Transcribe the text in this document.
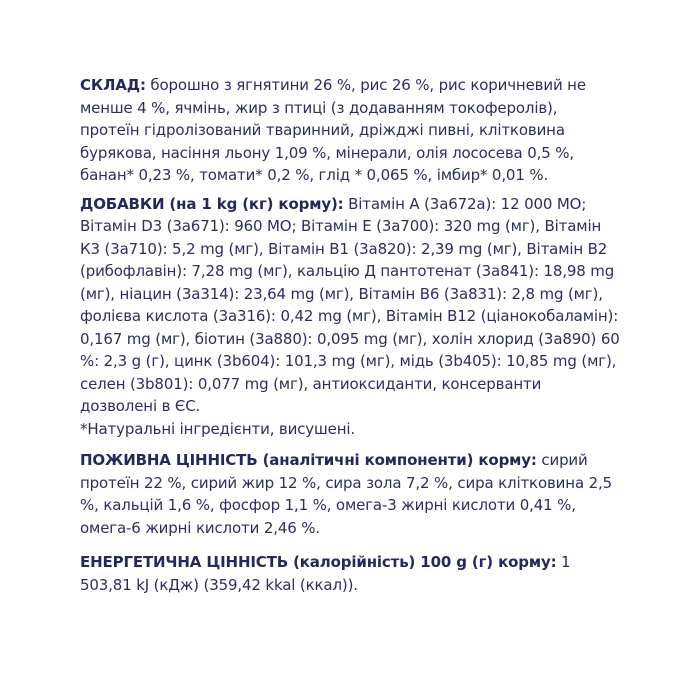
СКЛАД: борошно з ягнятини 26 %, рис 26 %, рис коричневий не менше 4 %, ячмінь, жир з птиці (з додаванням токоферолів), протеїн гідролізований тваринний, дріжджі пивні, клітковина бурякова, насіння льону 1,09 %, мінерали, олія лососева 0,5 %, банан* 0,23 %, томати* 0,2 %, глід * 0,065 %, імбир* 0,01 %.

ДОБАВКИ (на 1 kg (кг) корму): Вітамін А (3а672а): 12 000 МО; Вітамін D3 (3а671): 960 МО; Вітамін Е (3а700): 320 mg (мг), Вітамін К3 (3а710): 5,2 mg (мг), Вітамін В1 (3а820): 2,39 mg (мг), Вітамін В2 (рибофлавін): 7,28 mg (мг), кальцію Д пантотенат (3а841): 18,98 mg (мг), ніацин (3а314): 23,64 mg (мг), Вітамін В6 (3а831): 2,8 mg (мг), фолієва кислота (3а316): 0,42 mg (мг), Вітамін В12 (ціанокобаламін): 0,167 mg (мг), біотин (3а880): 0,095 mg (мг), холін хлорид (3а890) 60 %: 2,3 g (г), цинк (3b604): 101,3 mg (мг), мідь (3b405): 10,85 mg (мг), селен (3b801): 0,077 mg (мг), антиоксиданти, консерванти дозволені в ЄС.

*Натуральні інгредієнти, висушені.

ПОЖИВНА ЦІННІСТЬ (аналітичні компоненти) корму: сирий протеїн 22 %, сирий жир 12 %, сира зола 7,2 %, сира клітковина 2,5 %, кальцій 1,6 %, фосфор 1,1 %, омега-3 жирні кислоти 0,41 %, омега-6 жирні кислоти 2,46 %.

ЕНЕРГЕТИЧНА ЦІННІСТЬ (калорійність) 100 g (г) корму: 1 503,81 kJ (кДж) (359,42 kkal (ккал)).
